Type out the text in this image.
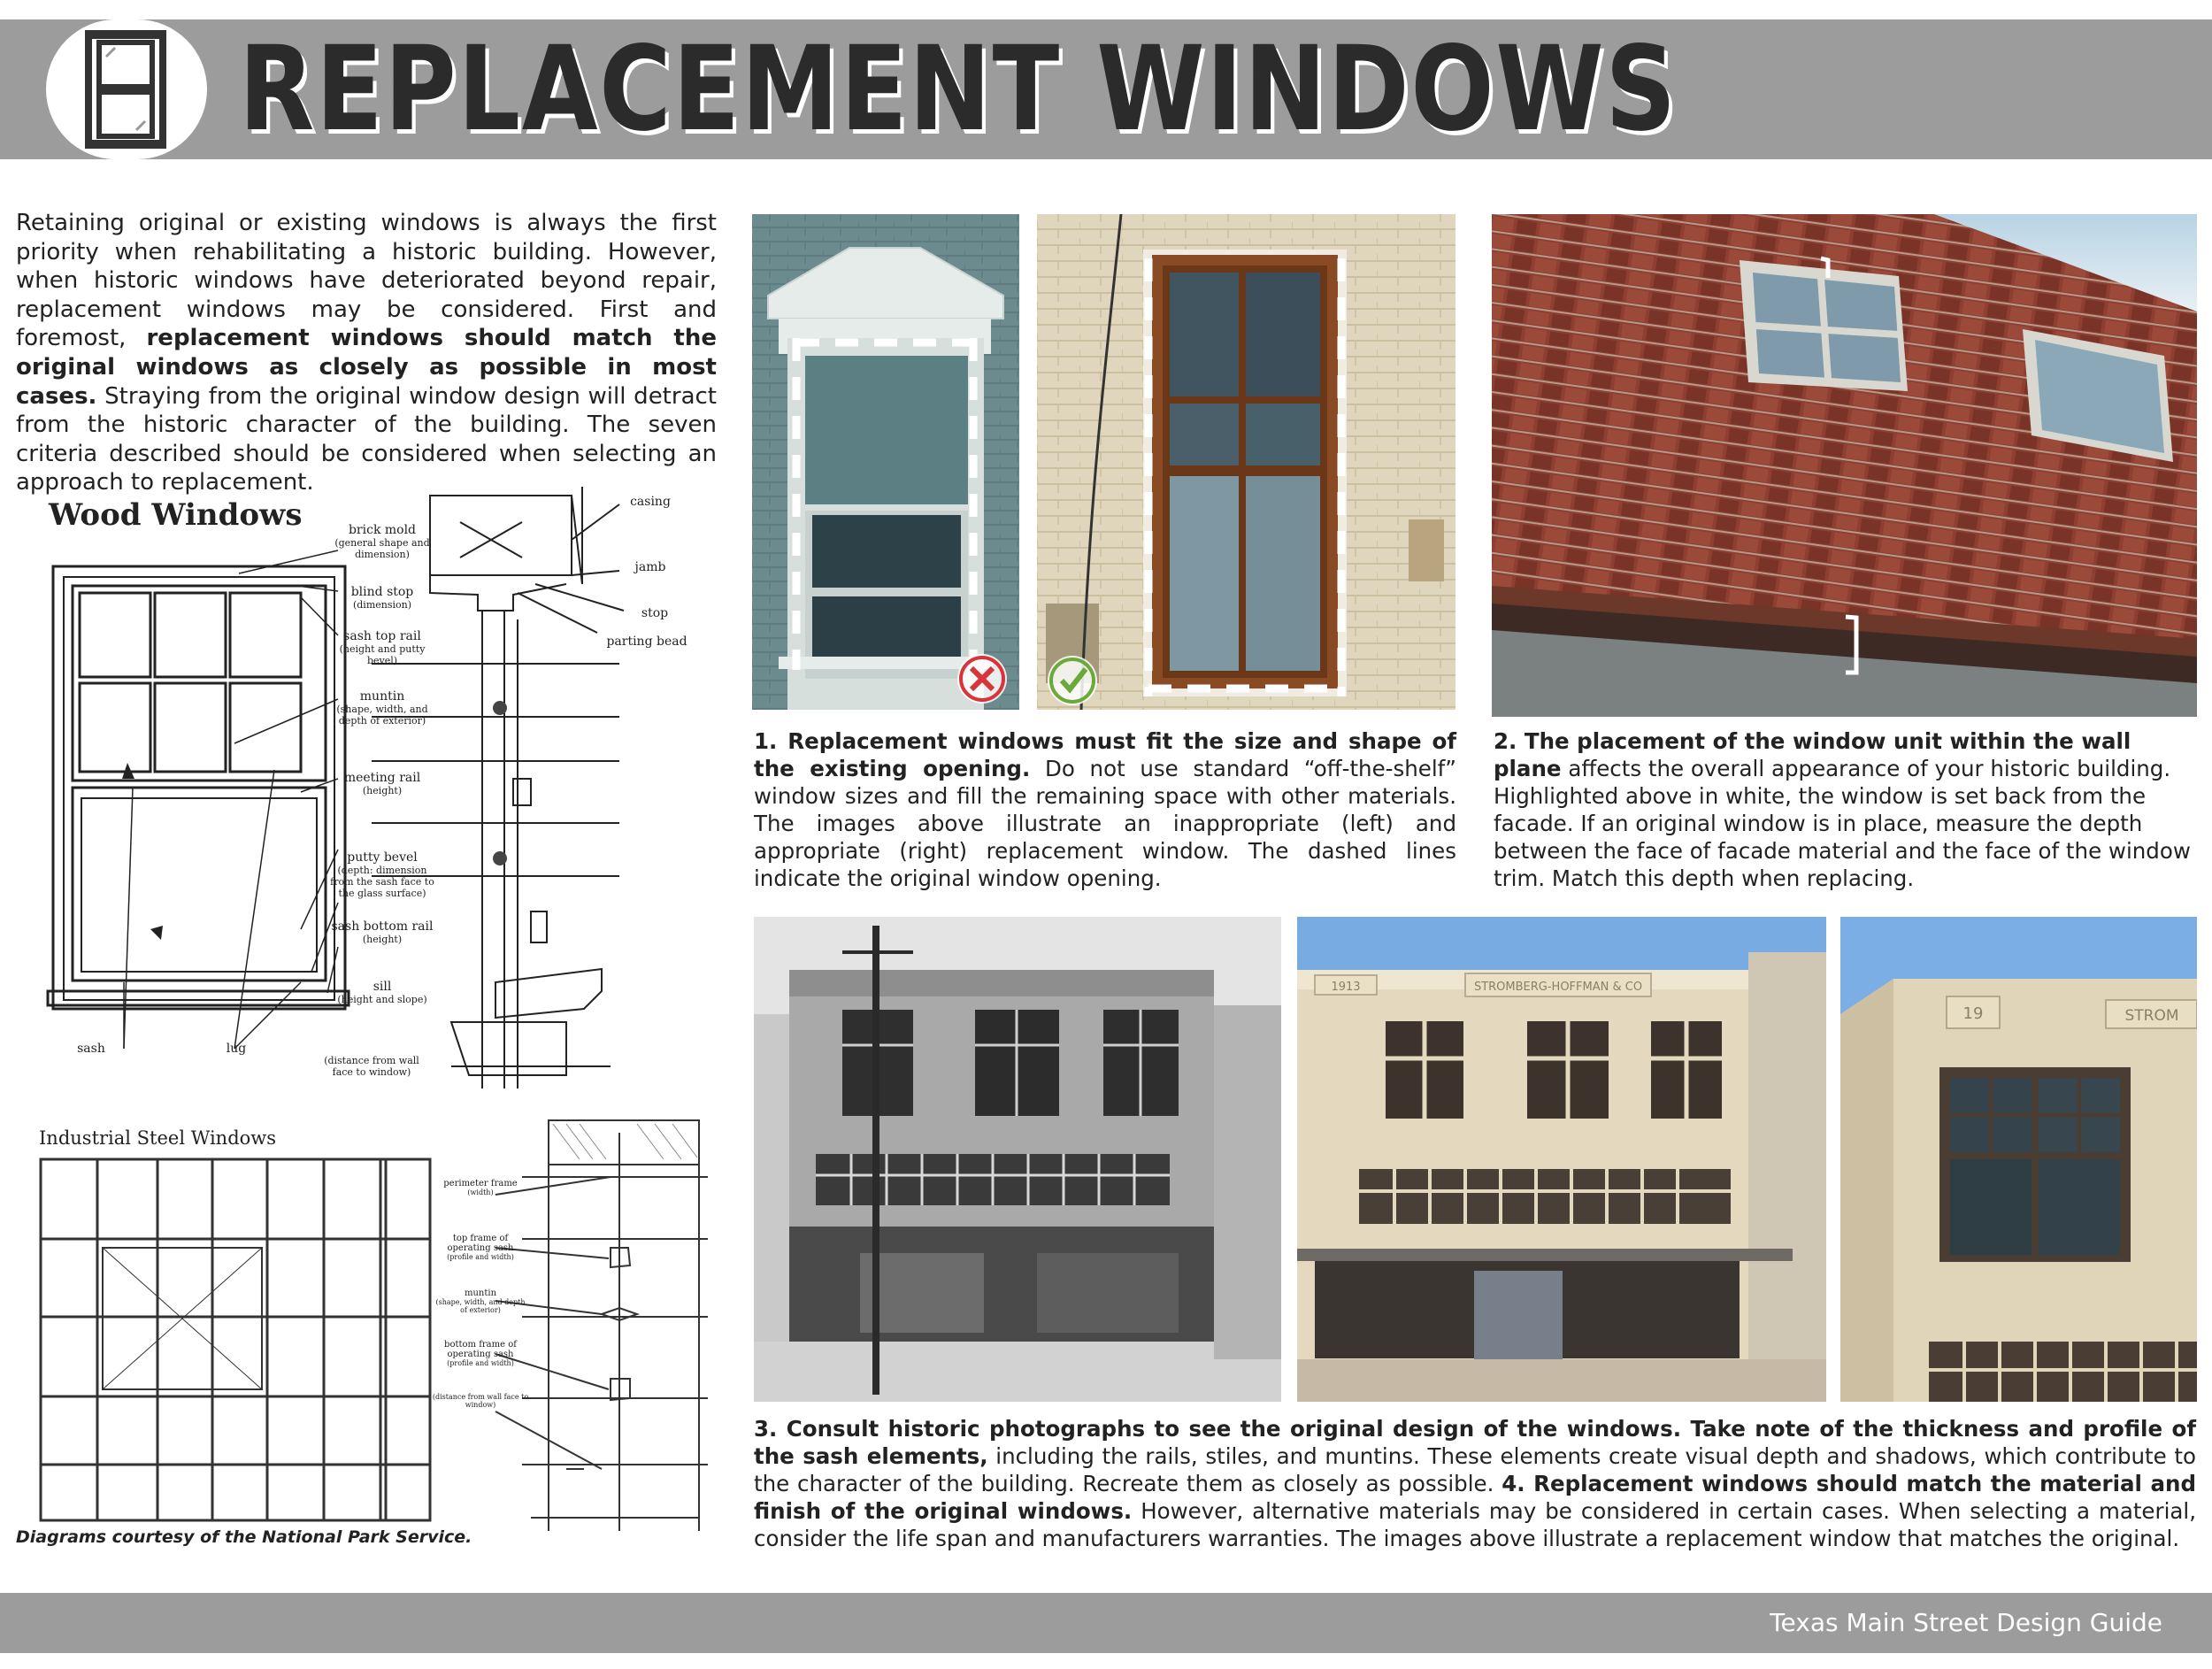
REPLACEMENT WINDOWS
Retaining original or existing windows is always the first priority when rehabilitating a historic building. However, when historic windows have deteriorated beyond repair, replacement windows may be considered. First and foremost, replacement windows should match the original windows as closely as possible in most cases. Straying from the original window design will detract from the historic character of the building. The seven criteria described should be considered when selecting an approach to replacement.
Wood Windows	brick mold
(general shape and dimension)
blind stop
(dimension)
sash top rail
(height and putty bevel)
muntin
(shape, width, and depth of exterior)
meeting rail
(height)
putty bevel
(depth: dimension from the sash face to the glass surface)
sash bottom rail
(height)
sill
(height and slope)
sash	lug
(distance from wall face to window)
casing
jamb
stop
parting bead
Industrial Steel Windows
perimeter frame
(width)
top frame of operating sash
(profile and width)
muntin
(shape, width, and depth of exterior)
bottom frame of operating sash
(profile and width)
(distance from wall face to window)
Diagrams courtesy of the National Park Service.
1. Replacement windows must fit the size and shape of the existing opening. Do not use standard “off-the-shelf” window sizes and fill the remaining space with other materials. The images above illustrate an inappropriate (left) and appropriate (right) replacement window. The dashed lines indicate the original window opening.
2. The placement of the window unit within the wall plane affects the overall appearance of your historic building. Highlighted above in white, the window is set back from the facade. If an original window is in place, measure the depth between the face of facade material and the face of the window trim. Match this depth when replacing.
STROMBERG-HOFFMAN & CO
1913
19	STROM
3. Consult historic photographs to see the original design of the windows. Take note of the thickness and profile of the sash elements, including the rails, stiles, and muntins. These elements create visual depth and shadows, which contribute to the character of the building. Recreate them as closely as possible. 4. Replacement windows should match the material and finish of the original windows. However, alternative materials may be considered in certain cases. When selecting a material, consider the life span and manufacturers warranties. The images above illustrate a replacement window that matches the original.
Texas Main Street Design Guide
